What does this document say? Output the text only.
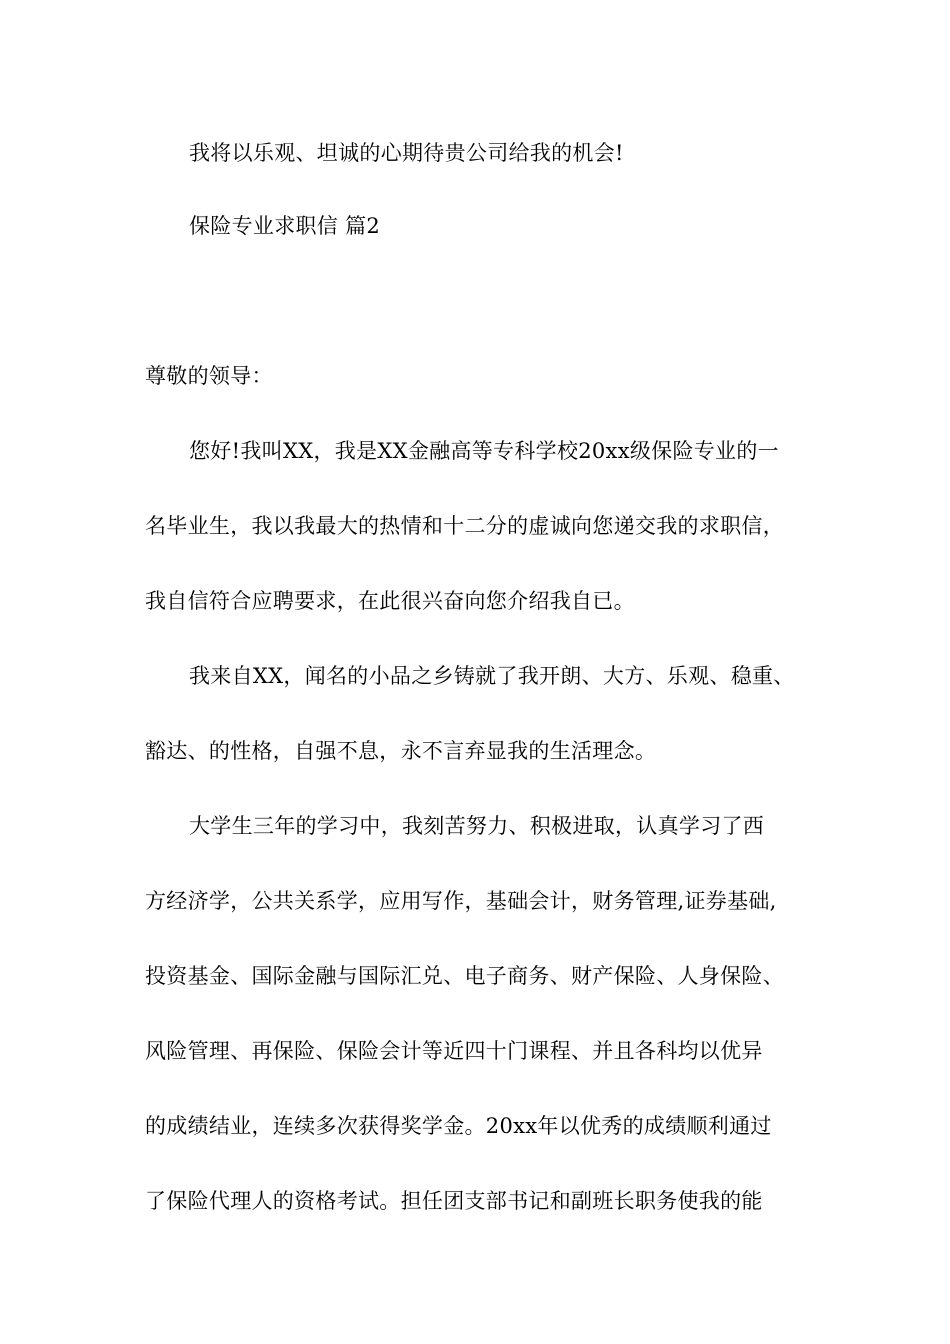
我将以乐观、坦诚的心期待贵公司给我的机会!
保险专业求职信 篇2
尊敬的领导：
您好!我叫XX，我是XX金融高等专科学校20xx级保险专业的一
名毕业生，我以我最大的热情和十二分的虚诚向您递交我的求职信，
我自信符合应聘要求，在此很兴奋向您介绍我自已。
我来自XX，闻名的小品之乡铸就了我开朗、大方、乐观、稳重、
豁达、的性格，自强不息，永不言弃显我的生活理念。
大学生三年的学习中，我刻苦努力、积极进取，认真学习了西
方经济学，公共关系学，应用写作，基础会计，财务管理,证券基础,
投资基金、国际金融与国际汇兑、电子商务、财产保险、人身保险、
风险管理、再保险、保险会计等近四十门课程、并且各科均以优异
的成绩结业，连续多次获得奖学金。20xx年以优秀的成绩顺利通过
了保险代理人的资格考试。担任团支部书记和副班长职务使我的能
